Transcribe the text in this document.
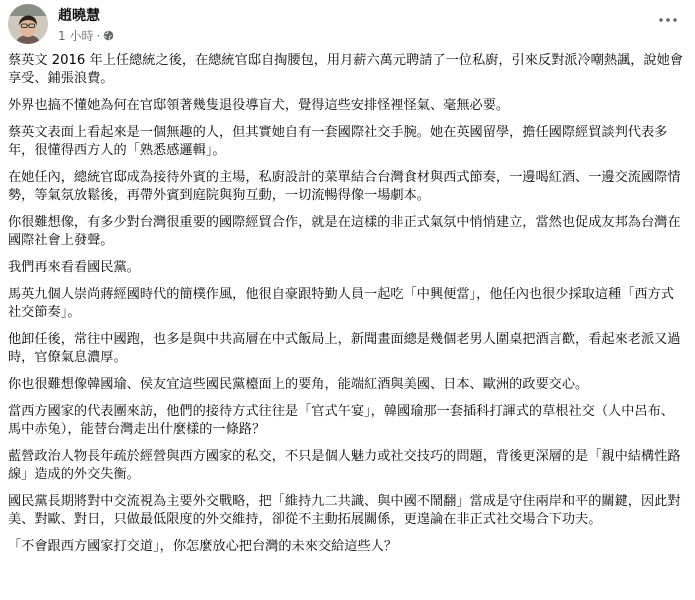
趙曉慧
1 小時 ·

蔡英文 2016 年上任總統之後，在總統官邸自掏腰包，用月薪六萬元聘請了一位私廚，引來反對派冷嘲熱諷，說她會享受、鋪張浪費。

外界也搞不懂她為何在官邸領著幾隻退役導盲犬，覺得這些安排怪裡怪氣、毫無必要。

蔡英文表面上看起來是一個無趣的人，但其實她自有一套國際社交手腕。她在英國留學，擔任國際經貿談判代表多年，很懂得西方人的「熟悉感邏輯」。

在她任內，總統官邸成為接待外賓的主場，私廚設計的菜單結合台灣食材與西式節奏，一邊喝紅酒、一邊交流國際情勢，等氣氛放鬆後，再帶外賓到庭院與狗互動，一切流暢得像一場劇本。

你很難想像，有多少對台灣很重要的國際經貿合作，就是在這樣的非正式氣氛中悄悄建立，當然也促成友邦為台灣在國際社會上發聲。

我們再來看看國民黨。

馬英九個人崇尚蔣經國時代的簡樸作風，他很自豪跟特勤人員一起吃「中興便當」，他任內也很少採取這種「西方式社交節奏」。

他卸任後，常往中國跑，也多是與中共高層在中式飯局上，新聞畫面總是幾個老男人圍桌把酒言歡，看起來老派又過時，官僚氣息濃厚。

你也很難想像韓國瑜、侯友宜這些國民黨檯面上的要角，能端紅酒與美國、日本、歐洲的政要交心。

當西方國家的代表團來訪，他們的接待方式往往是「官式午宴」，韓國瑜那一套插科打諢式的草根社交（人中呂布、馬中赤兔），能替台灣走出什麼樣的一條路？

藍營政治人物長年疏於經營與西方國家的私交，不只是個人魅力或社交技巧的問題，背後更深層的是「親中結構性路線」造成的外交失衡。

國民黨長期將對中交流視為主要外交戰略，把「維持九二共識、與中國不鬧翻」當成是守住兩岸和平的關鍵，因此對美、對歐、對日，只做最低限度的外交維持，卻從不主動拓展關係，更遑論在非正式社交場合下功夫。

「不會跟西方國家打交道」，你怎麼放心把台灣的未來交給這些人？
